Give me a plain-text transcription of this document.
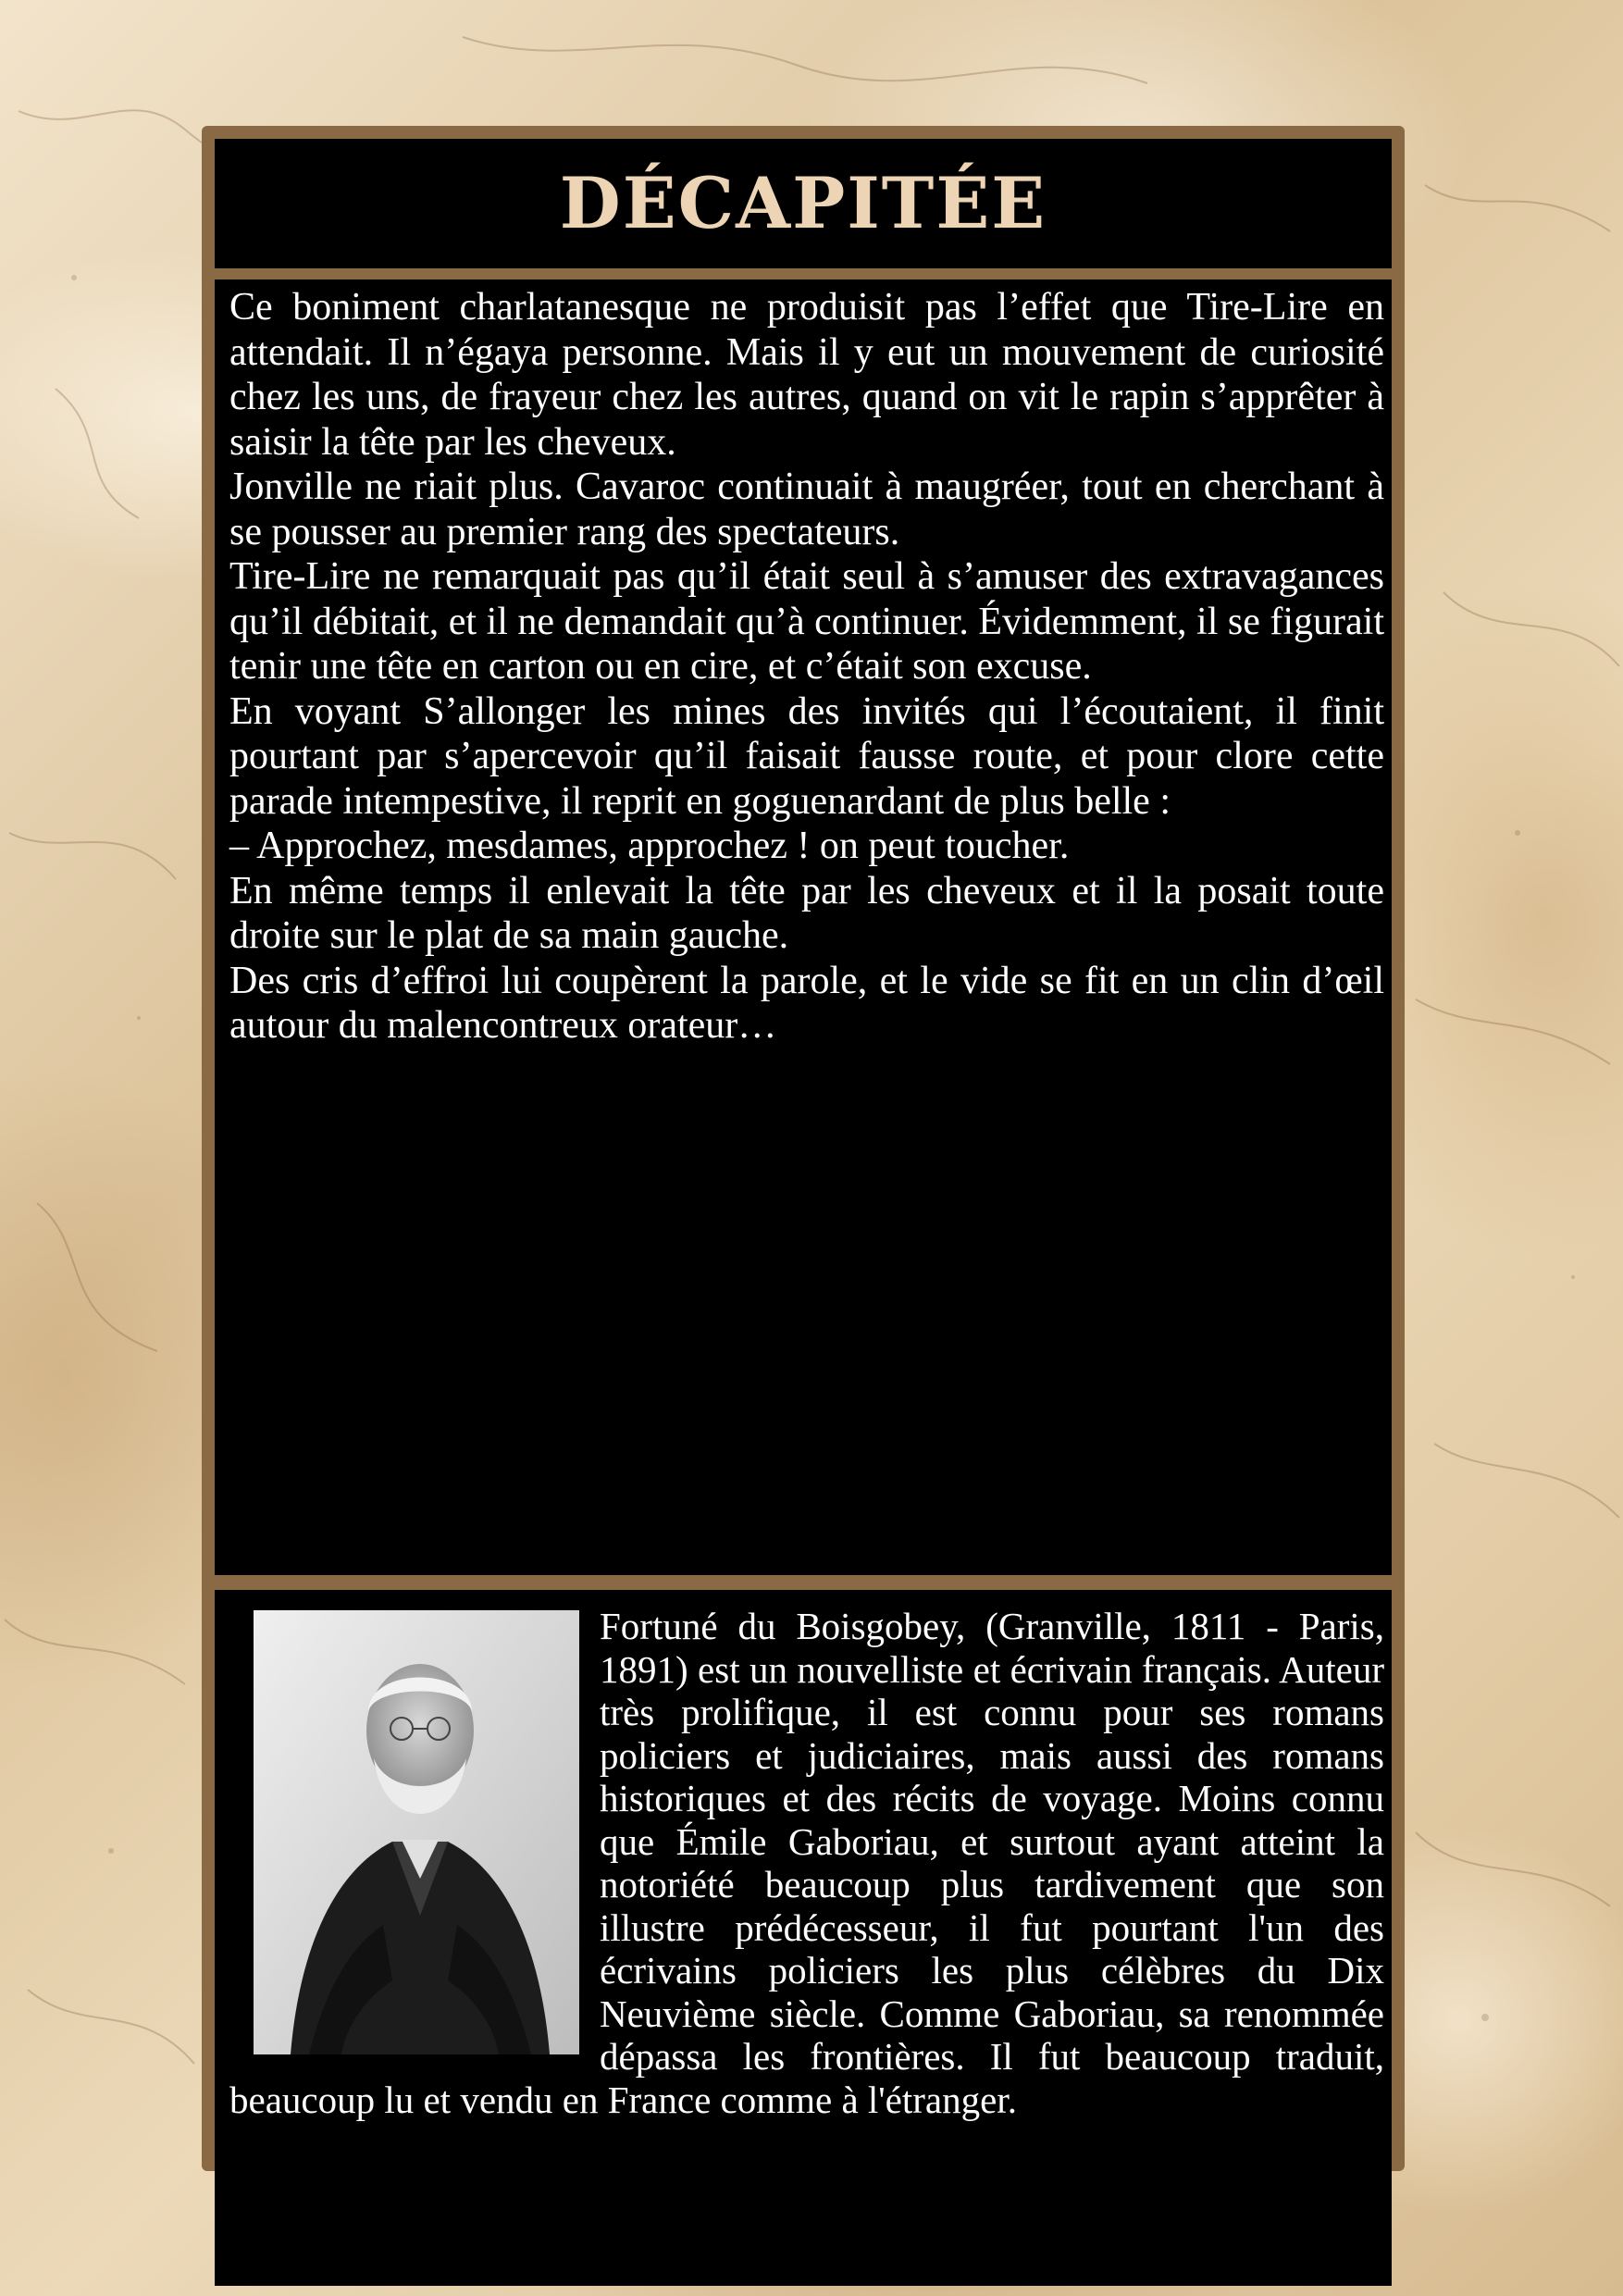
DÉCAPITÉE

Ce boniment charlatanesque ne produisit pas l’effet que Tire-Lire en attendait. Il n’égaya personne. Mais il y eut un mouvement de curiosité chez les uns, de frayeur chez les autres, quand on vit le rapin s’apprêter à saisir la tête par les cheveux.

Jonville ne riait plus. Cavaroc continuait à maugréer, tout en cherchant à se pousser au premier rang des spectateurs.

Tire-Lire ne remarquait pas qu’il était seul à s’amuser des extravagances qu’il débitait, et il ne demandait qu’à continuer. Évidemment, il se figurait tenir une tête en carton ou en cire, et c’était son excuse.

En voyant S’allonger les mines des invités qui l’écoutaient, il finit pourtant par s’apercevoir qu’il faisait fausse route, et pour clore cette parade intempestive, il reprit en goguenardant de plus belle :

– Approchez, mesdames, approchez ! on peut toucher.

En même temps il enlevait la tête par les cheveux et il la posait toute droite sur le plat de sa main gauche.

Des cris d’effroi lui coupèrent la parole, et le vide se fit en un clin d’œil autour du malencontreux orateur…

Fortuné du Boisgobey, (Granville, 1811 - Paris, 1891) est un nouvelliste et écrivain français. Auteur très prolifique, il est connu pour ses romans policiers et judiciaires, mais aussi des romans historiques et des récits de voyage. Moins connu que Émile Gaboriau, et surtout ayant atteint la notoriété beaucoup plus tardivement que son illustre prédécesseur, il fut pourtant l'un des écrivains policiers les plus célèbres du Dix Neuvième siècle. Comme Gaboriau, sa renommée dépassa les frontières. Il fut beaucoup traduit, beaucoup lu et vendu en France comme à l'étranger.
